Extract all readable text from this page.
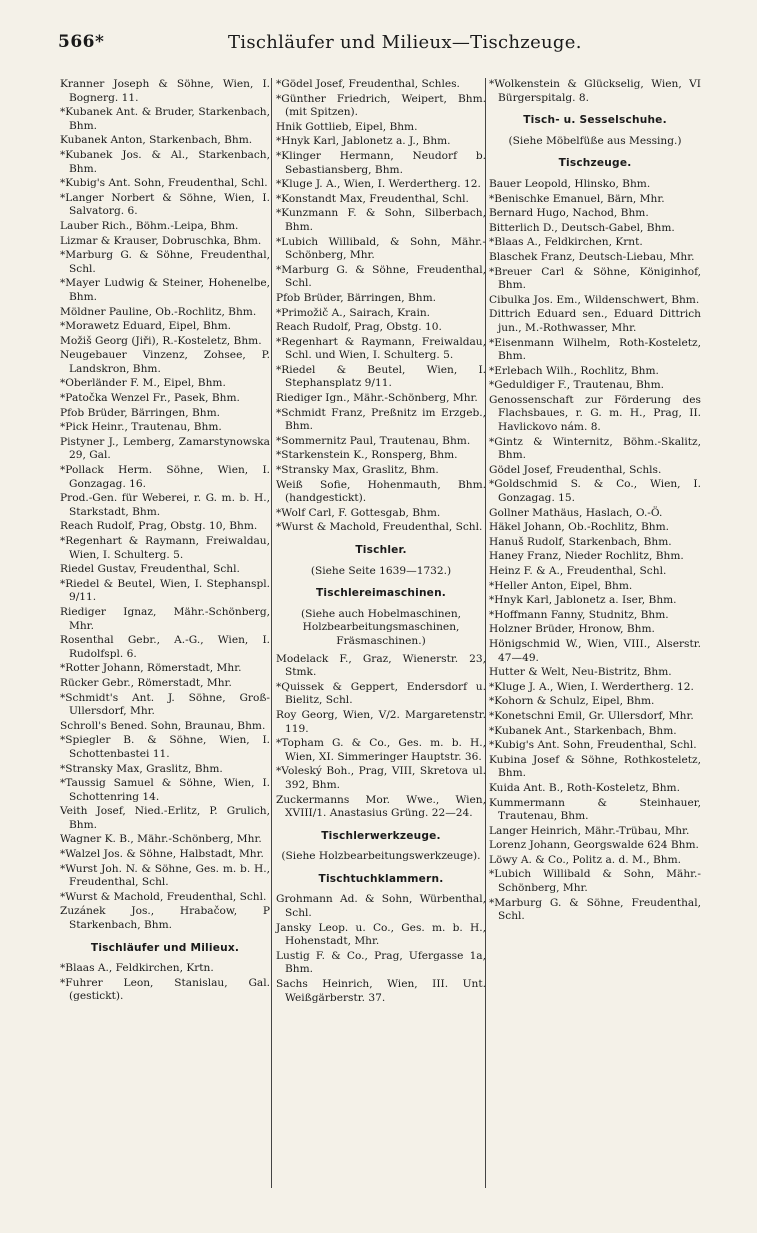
566*	Tischläufer und Milieux—Tischzeuge.
Kranner Joseph & Söhne, Wien, I. Bognerg. 11.
*Kubanek Ant. & Bruder, Starkenbach, Bhm.
Kubanek Anton, Starkenbach, Bhm.
*Kubanek Jos. & Al., Starkenbach, Bhm.
*Kubig's Ant. Sohn, Freudenthal, Schl.
*Langer Norbert & Söhne, Wien, I. Salvatorg. 6.
Lauber Rich., Böhm.-Leipa, Bhm.
Lizmar & Krauser, Dobruschka, Bhm.
*Marburg G. & Söhne, Freudenthal, Schl.
*Mayer Ludwig & Steiner, Hohenelbe, Bhm.
Möldner Pauline, Ob.-Rochlitz, Bhm.
*Morawetz Eduard, Eipel, Bhm.
Možiš Georg (Jiři), R.-Kosteletz, Bhm.
Neugebauer Vinzenz, Zohsee, P. Landskron, Bhm.
*Oberländer F. M., Eipel, Bhm.
*Patočka Wenzel Fr., Pasek, Bhm.
Pfob Brüder, Bärringen, Bhm.
*Pick Heinr., Trautenau, Bhm.
Pistyner J., Lemberg, Zamarstynowska 29, Gal.
*Pollack Herm. Söhne, Wien, I. Gonzagag. 16.
Prod.-Gen. für Weberei, r. G. m. b. H., Starkstadt, Bhm.
Reach Rudolf, Prag, Obstg. 10, Bhm.
*Regenhart & Raymann, Freiwaldau, Wien, I. Schulterg. 5.
Riedel Gustav, Freudenthal, Schl.
*Riedel & Beutel, Wien, I. Stephanspl. 9/11.
Riediger Ignaz, Mähr.-Schönberg, Mhr.
Rosenthal Gebr., A.-G., Wien, I. Rudolfspl. 6.
*Rotter Johann, Römerstadt, Mhr.
Rücker Gebr., Römerstadt, Mhr.
*Schmidt's Ant. J. Söhne, Groß-Ullersdorf, Mhr.
Schroll's Bened. Sohn, Braunau, Bhm.
*Spiegler B. & Söhne, Wien, I. Schottenbastei 11.
*Stransky Max, Graslitz, Bhm.
*Taussig Samuel & Söhne, Wien, I. Schottenring 14.
Veith Josef, Nied.-Erlitz, P. Grulich, Bhm.
Wagner K. B., Mähr.-Schönberg, Mhr.
*Walzel Jos. & Söhne, Halbstadt, Mhr.
*Wurst Joh. N. & Söhne, Ges. m. b. H., Freudenthal, Schl.
*Wurst & Machold, Freudenthal, Schl.
Zuzánek Jos., Hrabačow, P Starkenbach, Bhm.
Tischläufer und Milieux.
*Blaas A., Feldkirchen, Krtn.
*Fuhrer Leon, Stanislau, Gal. (gestickt).
*Gödel Josef, Freudenthal, Schles.
*Günther Friedrich, Weipert, Bhm. (mit Spitzen).
Hnik Gottlieb, Eipel, Bhm.
*Hnyk Karl, Jablonetz a. J., Bhm.
*Klinger Hermann, Neudorf b. Sebastiansberg, Bhm.
*Kluge J. A., Wien, I. Werdertherg. 12.
*Konstandt Max, Freudenthal, Schl.
*Kunzmann F. & Sohn, Silberbach, Bhm.
*Lubich Willibald, & Sohn, Mähr.-Schönberg, Mhr.
*Marburg G. & Söhne, Freudenthal, Schl.
Pfob Brüder, Bärringen, Bhm.
*Primožič A., Sairach, Krain.
Reach Rudolf, Prag, Obstg. 10.
*Regenhart & Raymann, Freiwaldau, Schl. und Wien, I. Schulterg. 5.
*Riedel & Beutel, Wien, I. Stephansplatz 9/11.
Riediger Ign., Mähr.-Schönberg, Mhr.
*Schmidt Franz, Preßnitz im Erzgeb., Bhm.
*Sommernitz Paul, Trautenau, Bhm.
*Starkenstein K., Ronsperg, Bhm.
*Stransky Max, Graslitz, Bhm.
Weiß Sofie, Hohenmauth, Bhm. (handgestickt).
*Wolf Carl, F. Gottesgab, Bhm.
*Wurst & Machold, Freudenthal, Schl.
Tischler.
(Siehe Seite 1639—1732.)
Tischlereimaschinen.
(Siehe auch Hobelmaschinen, Holzbearbeitungsmaschinen, Fräsmaschinen.)
Modelack F., Graz, Wienerstr. 23, Stmk.
*Quissek & Geppert, Endersdorf u. Bielitz, Schl.
Roy Georg, Wien, V/2. Margaretenstr. 119.
*Topham G. & Co., Ges. m. b. H., Wien, XI. Simmeringer Hauptstr. 36.
*Voleský Boh., Prag, VIII, Skretova ul. 392, Bhm.
Zuckermanns Mor. Wwe., Wien, XVIII/1. Anastasius Grüng. 22—24.
Tischlerwerkzeuge.
(Siehe Holzbearbeitungswerkzeuge).
Tischtuchklammern.
Grohmann Ad. & Sohn, Würbenthal, Schl.
Jansky Leop. u. Co., Ges. m. b. H., Hohenstadt, Mhr.
Lustig F. & Co., Prag, Ufergasse 1a, Bhm.
Sachs Heinrich, Wien, III. Unt. Weißgärberstr. 37.
*Wolkenstein & Glückselig, Wien, VI Bürgerspitalg. 8.
Tisch- u. Sesselschuhe.
(Siehe Möbelfüße aus Messing.)
Tischzeuge.
Bauer Leopold, Hlinsko, Bhm.
*Benischke Emanuel, Bärn, Mhr.
Bernard Hugo, Nachod, Bhm.
Bitterlich D., Deutsch-Gabel, Bhm.
*Blaas A., Feldkirchen, Krnt.
Blaschek Franz, Deutsch-Liebau, Mhr.
*Breuer Carl & Söhne, Königinhof, Bhm.
Cibulka Jos. Em., Wildenschwert, Bhm.
Dittrich Eduard sen., Eduard Dittrich jun., M.-Rothwasser, Mhr.
*Eisenmann Wilhelm, Roth-Kosteletz, Bhm.
*Erlebach Wilh., Rochlitz, Bhm.
*Geduldiger F., Trautenau, Bhm.
Genossenschaft zur Förderung des Flachsbaues, r. G. m. H., Prag, II. Havlickovo nám. 8.
*Gintz & Winternitz, Böhm.-Skalitz, Bhm.
Gödel Josef, Freudenthal, Schls.
*Goldschmid S. & Co., Wien, I. Gonzagag. 15.
Gollner Mathäus, Haslach, O.-Ö.
Häkel Johann, Ob.-Rochlitz, Bhm.
Hanuš Rudolf, Starkenbach, Bhm.
Haney Franz, Nieder Rochlitz, Bhm.
Heinz F. & A., Freudenthal, Schl.
*Heller Anton, Eipel, Bhm.
*Hnyk Karl, Jablonetz a. Iser, Bhm.
*Hoffmann Fanny, Studnitz, Bhm.
Holzner Brüder, Hronow, Bhm.
Hönigschmid W., Wien, VIII., Alserstr. 47—49.
Hutter & Welt, Neu-Bistritz, Bhm.
*Kluge J. A., Wien, I. Werdertherg. 12.
*Kohorn & Schulz, Eipel, Bhm.
*Konetschni Emil, Gr. Ullersdorf, Mhr.
*Kubanek Ant., Starkenbach, Bhm.
*Kubig's Ant. Sohn, Freudenthal, Schl.
Kubina Josef & Söhne, Rothkosteletz, Bhm.
Kuida Ant. B., Roth-Kosteletz, Bhm.
Kummermann & Steinhauer, Trautenau, Bhm.
Langer Heinrich, Mähr.-Trübau, Mhr.
Lorenz Johann, Georgswalde 624 Bhm.
Löwy A. & Co., Politz a. d. M., Bhm.
*Lubich Willibald & Sohn, Mähr.-Schönberg, Mhr.
*Marburg G. & Söhne, Freudenthal, Schl.
